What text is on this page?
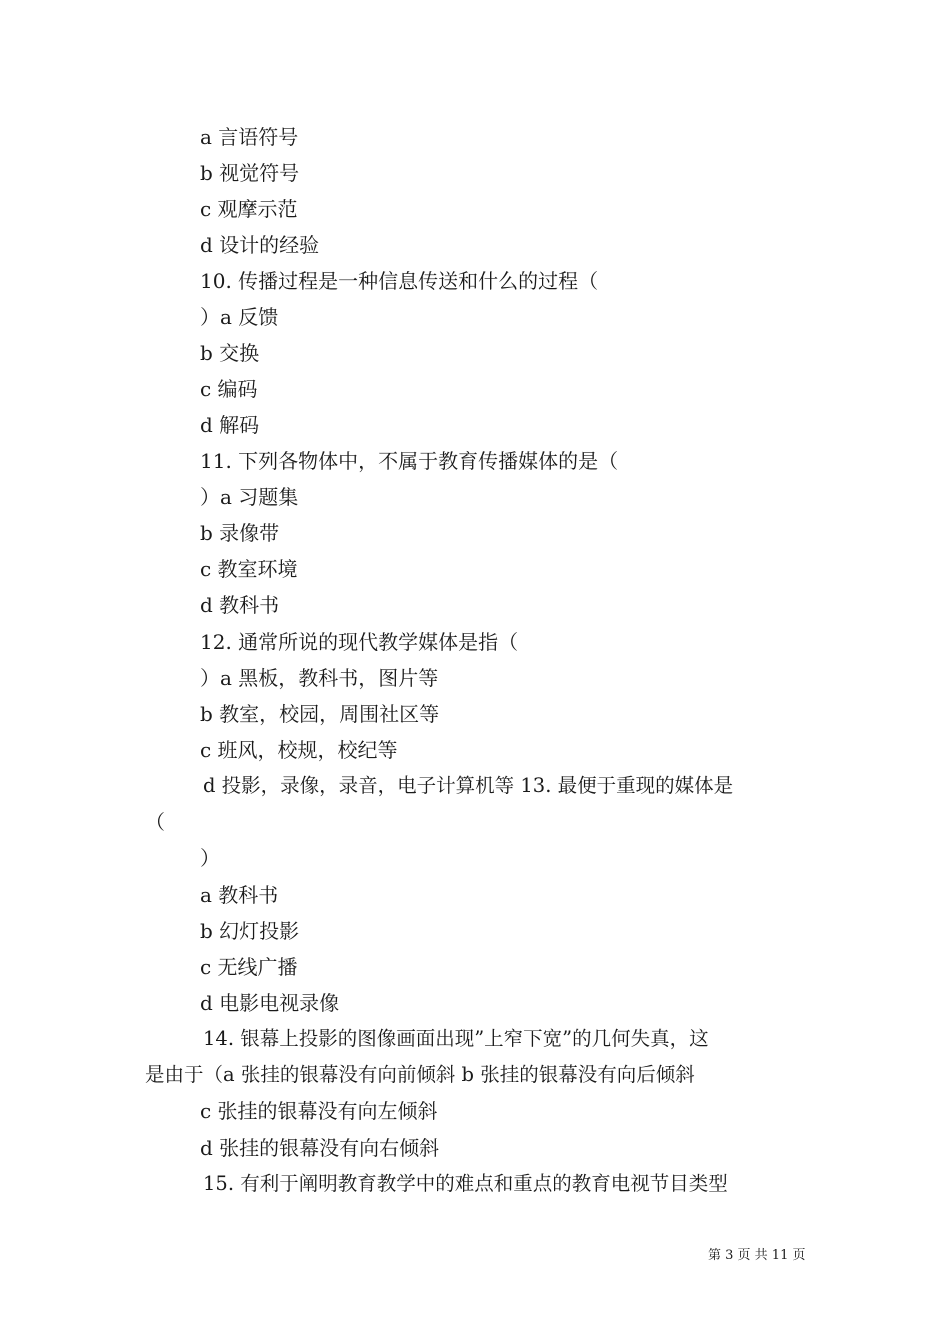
a 言语符号
b 视觉符号
c 观摩示范
d 设计的经验
10. 传播过程是一种信息传送和什么的过程（
）a 反馈
b 交换
c 编码
d 解码
11. 下列各物体中，不属于教育传播媒体的是（
）a 习题集
b 录像带
c 教室环境
d 教科书
12. 通常所说的现代教学媒体是指（
）a 黑板，教科书，图片等
b 教室，校园，周围社区等
c 班风，校规，校纪等
d 投影，录像，录音，电子计算机等 13. 最便于重现的媒体是
（
）
a 教科书
b 幻灯投影
c 无线广播
d 电影电视录像
14. 银幕上投影的图像画面出现”上窄下宽”的几何失真，这
是由于（a 张挂的银幕没有向前倾斜 b 张挂的银幕没有向后倾斜
c 张挂的银幕没有向左倾斜
d 张挂的银幕没有向右倾斜
15. 有利于阐明教育教学中的难点和重点的教育电视节目类型
第 3 页 共 11 页
